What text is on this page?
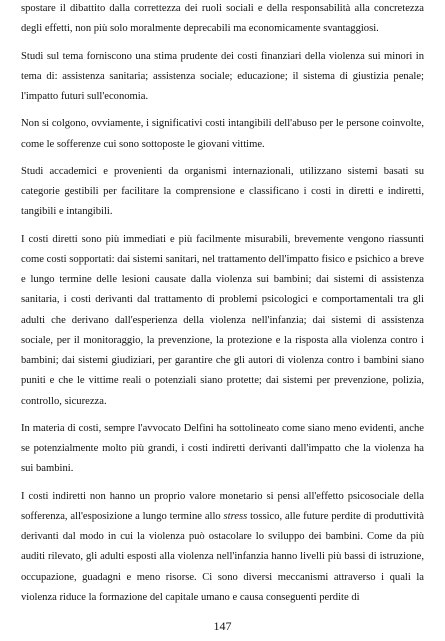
spostare il dibattito dalla correttezza dei ruoli sociali e della responsabilità alla concretezza degli effetti, non più solo moralmente deprecabili ma economicamente svantaggiosi.

Studi sul tema forniscono una stima prudente dei costi finanziari della violenza sui minori in tema di: assistenza sanitaria; assistenza sociale; educazione; il sistema di giustizia penale; l'impatto futuri sull'economia.

Non si colgono, ovviamente, i significativi costi intangibili dell'abuso per le persone coinvolte, come le sofferenze cui sono sottoposte le giovani vittime.

Studi accademici e provenienti da organismi internazionali, utilizzano sistemi basati su categorie gestibili per facilitare la comprensione e classificano i costi in diretti e indiretti, tangibili e intangibili.

I costi diretti sono più immediati e più facilmente misurabili, brevemente vengono riassunti come costi sopportati: dai sistemi sanitari, nel trattamento dell'impatto fisico e psichico a breve e lungo termine delle lesioni causate dalla violenza sui bambini; dai sistemi di assistenza sanitaria, i costi derivanti dal trattamento di problemi psicologici e comportamentali tra gli adulti che derivano dall'esperienza della violenza nell'infanzia; dai sistemi di assistenza sociale, per il monitoraggio, la prevenzione, la protezione e la risposta alla violenza contro i bambini; dai sistemi giudiziari, per garantire che gli autori di violenza contro i bambini siano puniti e che le vittime reali o potenziali siano protette; dai sistemi per prevenzione, polizia, controllo, sicurezza.

In materia di costi, sempre l'avvocato Delfini ha sottolineato come siano meno evidenti, anche se potenzialmente molto più grandi, i costi indiretti derivanti dall'impatto che la violenza ha sui bambini.

I costi indiretti non hanno un proprio valore monetario si pensi all'effetto psicosociale della sofferenza, all'esposizione a lungo termine allo stress tossico, alle future perdite di produttività derivanti dal modo in cui la violenza può ostacolare lo sviluppo dei bambini. Come da più auditi rilevato, gli adulti esposti alla violenza nell'infanzia hanno livelli più bassi di istruzione, occupazione, guadagni e meno risorse. Ci sono diversi meccanismi attraverso i quali la violenza riduce la formazione del capitale umano e causa conseguenti perdite di

147
